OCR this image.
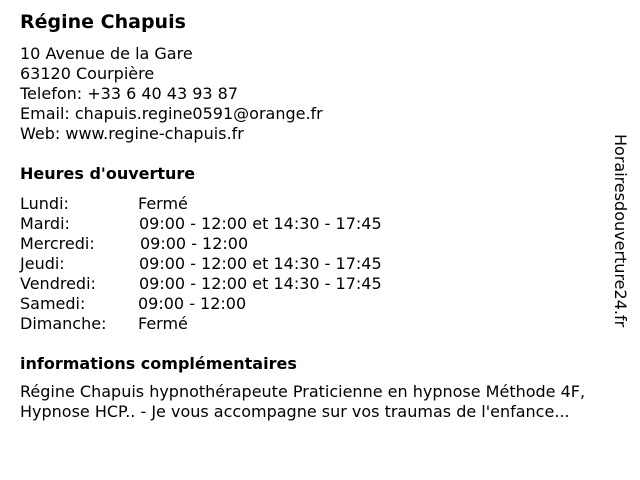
Régine Chapuis
10 Avenue de la Gare
63120 Courpière
Telefon: +33 6 40 43 93 87
Email: chapuis.regine0591@orange.fr
Web: www.regine-chapuis.fr
Heures d'ouverture
Lundi:	Fermé
Mardi:	09:00 - 12:00 et 14:30 - 17:45
Mercredi:	09:00 - 12:00
Jeudi:	09:00 - 12:00 et 14:30 - 17:45
Vendredi:	09:00 - 12:00 et 14:30 - 17:45
Samedi:	09:00 - 12:00
Dimanche: Fermé
informations complémentaires
Régine Chapuis hypnothérapeute Praticienne en hypnose Méthode 4F,
Hypnose HCP.. - Je vous accompagne sur vos traumas de l'enfance...
Horairesdouverture24.fr
